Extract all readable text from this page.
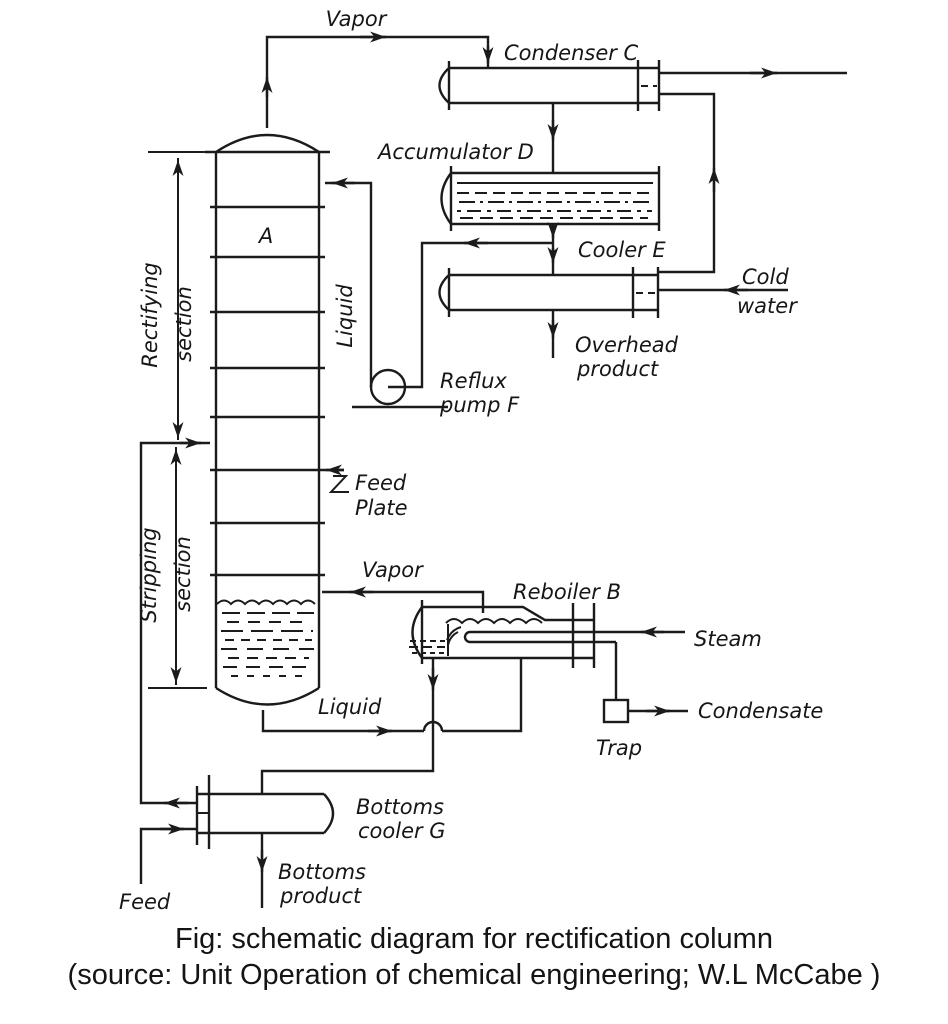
Vapor
Condenser C
Accumulator D
Reflux
pump F
Liquid
Cooler E
Cold
water
Overhead
product
A
Rectifying section
Stripping section
Feed
Feed
Plate
Vapor
Reboiler B
Steam
Trap
Condensate
Liquid
Bottoms
cooler G
Bottoms
product
Fig: schematic diagram for rectification column
(source: Unit Operation of chemical engineering; W.L McCabe )
